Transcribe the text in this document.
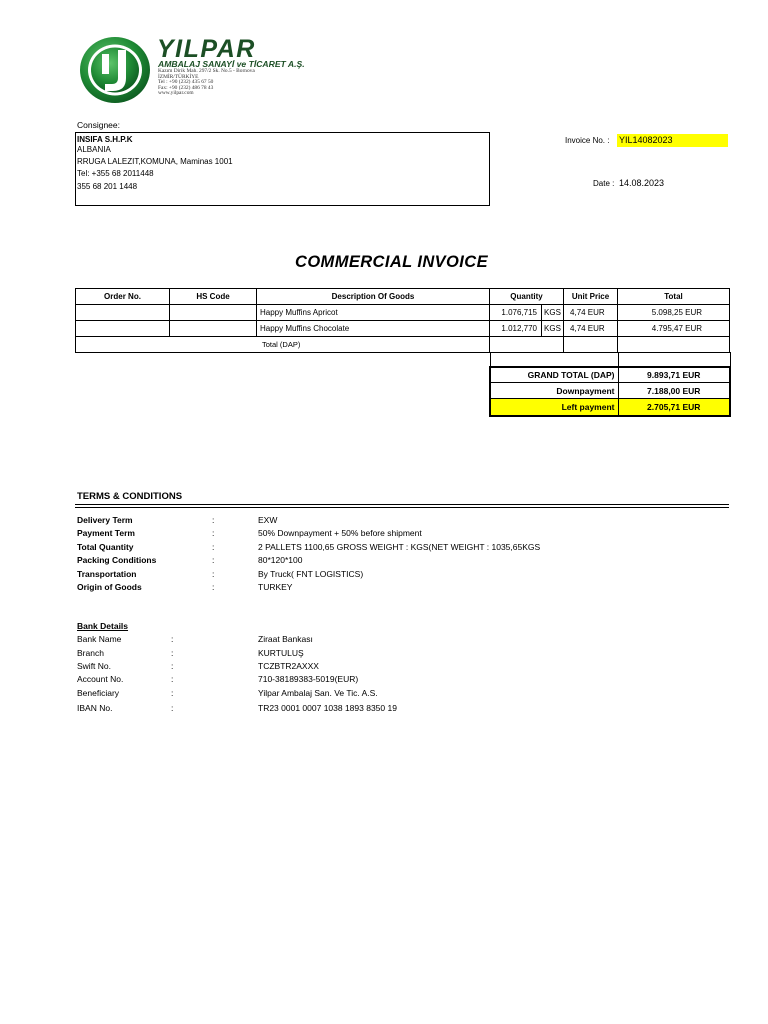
YILPAR
AMBALAJ SANAYİ ve TİCARET A.Ş.
Kazım Dirik Mah. 297/2 Sk. No.5 - Bornova
İZMİR/TÜRKİYE
Tel : +90 (232) 435 67 50
Fax: +90 (232) 486 78 43
www.yilpar.com
Consignee:
INSIFA S.H.P.K
ALBANIA
RRUGA LALEZIT,KOMUNA, Maminas 1001
Tel: +355 68 2011448
355 68 201 1448
Invoice No. : YIL14082023
Date : 14.08.2023
COMMERCIAL INVOICE
Order No.	HS Code	Description Of Goods	Quantity		Unit Price	Total
		Happy Muffins Apricot	1.076,715	KGS	4,74 EUR	5.098,25 EUR
		Happy Muffins Chocolate	1.012,770	KGS	4,74 EUR	4.795,47 EUR
Total (DAP)						

GRAND TOTAL (DAP)	9.893,71 EUR
Downpayment	7.188,00 EUR
Left payment	2.705,71 EUR
TERMS & CONDITIONS
Delivery Term	:	EXW
Payment Term	:	50% Downpayment + 50% before shipment
Total Quantity	:	2 PALLETS 1100,65 GROSS WEIGHT : KGS(NET WEIGHT : 1035,65KGS
Packing Conditions	:	80*120*100
Transportation	:	By Truck( FNT LOGISTICS)
Origin of Goods	:	TURKEY
Bank Details
Bank Name	:	Ziraat Bankası
Branch	:	KURTULUŞ
Swift No.	:	TCZBTR2AXXX
Account No.	:	710-38189383-5019(EUR)
Beneficiary	:	Yilpar Ambalaj San. Ve Tic. A.S.
IBAN No.	:	TR23 0001 0007 1038 1893 8350 19
